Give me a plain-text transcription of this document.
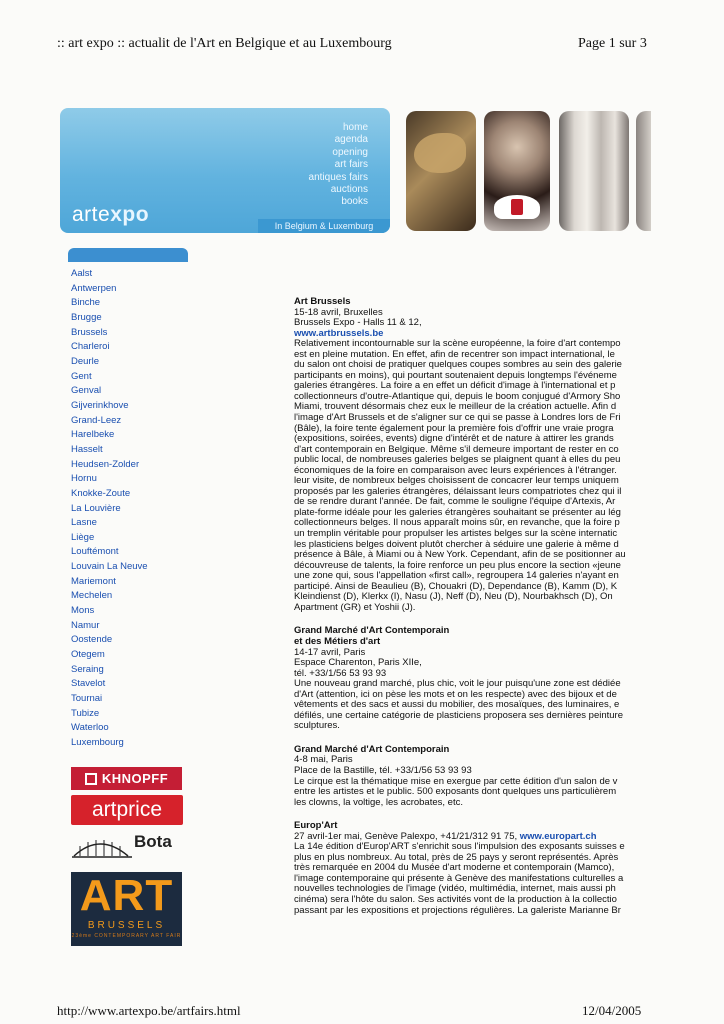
:: art expo :: actualit de l'Art en Belgique et au Luxembourg	Page 1 sur 3
home
agenda
opening
art fairs
antiques fairs
auctions
books
artexpo	In Belgium & Luxemburg
Aalst
Antwerpen
Binche
Brugge
Brussels
Charleroi
Deurle
Gent
Genval
Gijverinkhove
Grand-Leez
Harelbeke
Hasselt
Heudsen-Zolder
Hornu
Knokke-Zoute
La Louvière
Lasne
Liège
Louftémont
Louvain La Neuve
Mariemont
Mechelen
Mons
Namur
Oostende
Otegem
Seraing
Stavelot
Tournai
Tubize
Waterloo
Luxembourg
KHNOPFF
artprice
Bota
ART
BRUSSELS
23ème CONTEMPORARY ART FAIR

Art Brussels

15-18 avril, Bruxelles

Brussels Expo - Halls 11 & 12,

www.artbrussels.be

Relativement incontournable sur la scène européenne, la foire d'art contempo

est en pleine mutation. En effet, afin de recentrer son impact international, le

du salon ont choisi de pratiquer quelques coupes sombres au sein des galerie

participants en moins), qui pourtant soutenaient depuis longtemps l'événeme

galeries étrangères. La foire a en effet un déficit d'image à l'international et p

collectionneurs d'outre-Atlantique qui, depuis le boom conjugué d'Armory Sho

Miami, trouvent désormais chez eux le meilleur de la création actuelle. Afin d

l'image d'Art Brussels et de s'aligner sur ce qui se passe à Londres lors de Fri

(Bâle), la foire tente également pour la première fois d'offrir une vraie progra

(expositions, soirées, events) digne d'intérêt et de nature à attirer les grands

d'art contemporain en Belgique. Même s'il demeure important de rester en co

public local, de nombreuses galeries belges se plaignent quant à elles du peu

économiques de la foire en comparaison avec leurs expériences à l'étranger.

leur visite, de nombreux belges choisissent de concacrer leur temps uniquem

proposés par les galeries étrangères, délaissant leurs compatriotes chez qui il

de se rendre durant l'année. De fait, comme le souligne l'équipe d'Artexis, Ar

plate-forme idéale pour les galeries étrangères souhaitant se présenter au lég

collectionneurs belges. Il nous apparaît moins sûr, en revanche, que la foire p

un tremplin véritable pour propulser les artistes belges sur la scène internatic

les plasticiens belges doivent plutôt chercher à séduire une galerie à même d

présence à Bâle, à Miami ou à New York. Cependant, afin de se positionner au

découvreuse de talents, la foire renforce un peu plus encore la section «jeune

une zone qui, sous l'appellation «first call», regroupera 14 galeries n'ayant en

participé. Ainsi de Beaulieu (B), Chouakri (D), Dependance (B), Kamm (D), K

Kleindienst (D), Klerkx (I), Nasu (J), Neff (D), Neu (D), Nourbakhsch (D), On

Apartment (GR) et Yoshii (J).

Grand Marché d'Art Contemporain

et des Métiers d'art

14-17 avril, Paris

Espace Charenton, Paris XIIe,

tél. +33/1/56 53 93 93

Une nouveau grand marché, plus chic, voit le jour puisqu'une zone est dédiée

d'Art (attention, ici on pèse les mots et on les respecte) avec des bijoux et de

vêtements et des sacs et aussi du mobilier, des mosaïques, des luminaires, e

défilés, une certaine catégorie de plasticiens proposera ses dernières peinture

sculptures.

Grand Marché d'Art Contemporain

4-8 mai, Paris

Place de la Bastille, tél. +33/1/56 53 93 93

Le cirque est la thématique mise en exergue par cette édition d'un salon de v

entre les artistes et le public. 500 exposants dont quelques uns particulièrem

les clowns, la voltige, les acrobates, etc.

Europ'Art

27 avril-1er mai, Genève Palexpo, +41/21/312 91 75, www.europart.ch

La 14e édition d'Europ'ART s'enrichit sous l'impulsion des exposants suisses e

plus en plus nombreux. Au total, près de 25 pays y seront représentés. Après

très remarquée en 2004 du Musée d'art moderne et contemporain (Mamco),

l'image contemporaine qui présente à Genève des manifestations culturelles a

nouvelles technologies de l'image (vidéo, multimédia, internet, mais aussi ph

cinéma) sera l'hôte du salon. Ses activités vont de la production à la collectio

passant par les expositions et projections régulières. La galeriste Marianne Br

http://www.artexpo.be/artfairs.html	12/04/2005
